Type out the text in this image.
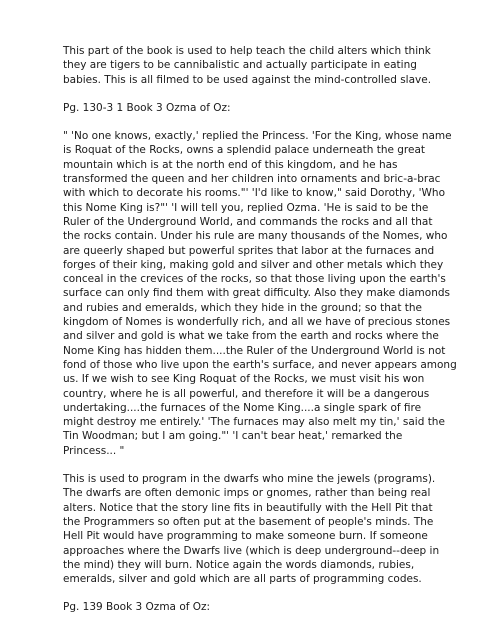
This part of the book is used to help teach the child alters which think
they are tigers to be cannibalistic and actually participate in eating
babies. This is all filmed to be used against the mind-controlled slave.

Pg. 130-3 1 Book 3 Ozma of Oz:

" 'No one knows, exactly,' replied the Princess. 'For the King, whose name
is Roquat of the Rocks, owns a splendid palace underneath the great
mountain which is at the north end of this kingdom, and he has
transformed the queen and her children into ornaments and bric-a-brac
with which to decorate his rooms."' 'I'd like to know," said Dorothy, 'Who
this Nome King is?"' 'I will tell you, replied Ozma. 'He is said to be the
Ruler of the Underground World, and commands the rocks and all that
the rocks contain. Under his rule are many thousands of the Nomes, who
are queerly shaped but powerful sprites that labor at the furnaces and
forges of their king, making gold and silver and other metals which they
conceal in the crevices of the rocks, so that those living upon the earth's
surface can only find them with great difficulty. Also they make diamonds
and rubies and emeralds, which they hide in the ground; so that the
kingdom of Nomes is wonderfully rich, and all we have of precious stones
and silver and gold is what we take from the earth and rocks where the
Nome King has hidden them....the Ruler of the Underground World is not
fond of those who live upon the earth's surface, and never appears among
us. If we wish to see King Roquat of the Rocks, we must visit his won
country, where he is all powerful, and therefore it will be a dangerous
undertaking....the furnaces of the Nome King....a single spark of fire
might destroy me entirely.' 'The furnaces may also melt my tin,' said the
Tin Woodman; but I am going."' 'I can't bear heat,' remarked the
Princess... "

This is used to program in the dwarfs who mine the jewels (programs).
The dwarfs are often demonic imps or gnomes, rather than being real
alters. Notice that the story line fits in beautifully with the Hell Pit that
the Programmers so often put at the basement of people's minds. The
Hell Pit would have programming to make someone burn. If someone
approaches where the Dwarfs live (which is deep underground--deep in
the mind) they will burn. Notice again the words diamonds, rubies,
emeralds, silver and gold which are all parts of programming codes.

Pg. 139 Book 3 Ozma of Oz:
